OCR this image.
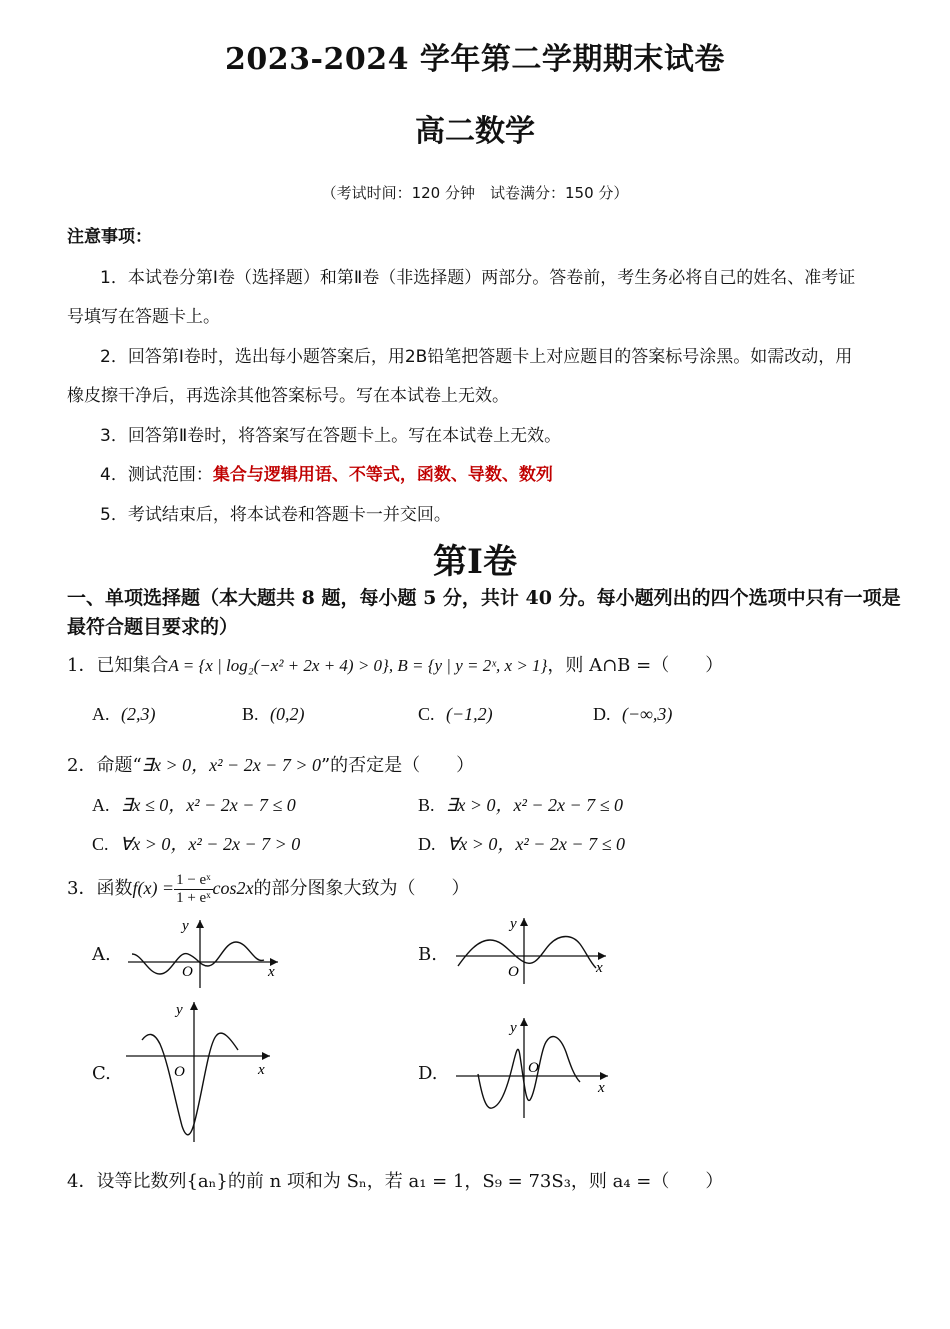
2023-2024 学年第二学期期末试卷
高二数学
（考试时间：120 分钟　试卷满分：150 分）
注意事项：
1．本试卷分第Ⅰ卷（选择题）和第Ⅱ卷（非选择题）两部分。答卷前，考生务必将自己的姓名、准考证
号填写在答题卡上。
2．回答第Ⅰ卷时，选出每小题答案后，用2B铅笔把答题卡上对应题目的答案标号涂黑。如需改动，用
橡皮擦干净后，再选涂其他答案标号。写在本试卷上无效。
3．回答第Ⅱ卷时，将答案写在答题卡上。写在本试卷上无效。
4．测试范围：集合与逻辑用语、不等式，函数、导数、数列
5．考试结束后，将本试卷和答题卡一并交回。
第Ⅰ卷
一、单项选择题（本大题共 8 题，每小题 5 分，共计 40 分。每小题列出的四个选项中只有一项是最符合题目要求的）
1．已知集合A = {x | log₂(−x² + 2x + 4) > 0}, B = {y | y = 2ˣ, x > 1}，则 A∩B =（　　）
A. (2,3)	B. (0,2)	C. (−1,2)	D. (−∞,3)
2．命题“∃x > 0，x² − 2x − 7 > 0”的否定是（　　）
A. ∃x ≤ 0，x² − 2x − 7 ≤ 0	B. ∃x > 0，x² − 2x − 7 ≤ 0
C. ∀x > 0，x² − 2x − 7 > 0	D. ∀x > 0，x² − 2x − 7 ≤ 0
3．函数$f(x) = \frac{\text{1 − eˣ}}{\text{1 + eˣ}} \cos 2x$的部分图象大致为（　　）
A.
x
y
O
B.
x
y
O
C.	x
y
O	D.
x
y
O
4．设等比数列{aₙ}的前 n 项和为 Sₙ，若 a₁ = 1，S₉ = 73S₃，则 a₄ =（　　）
